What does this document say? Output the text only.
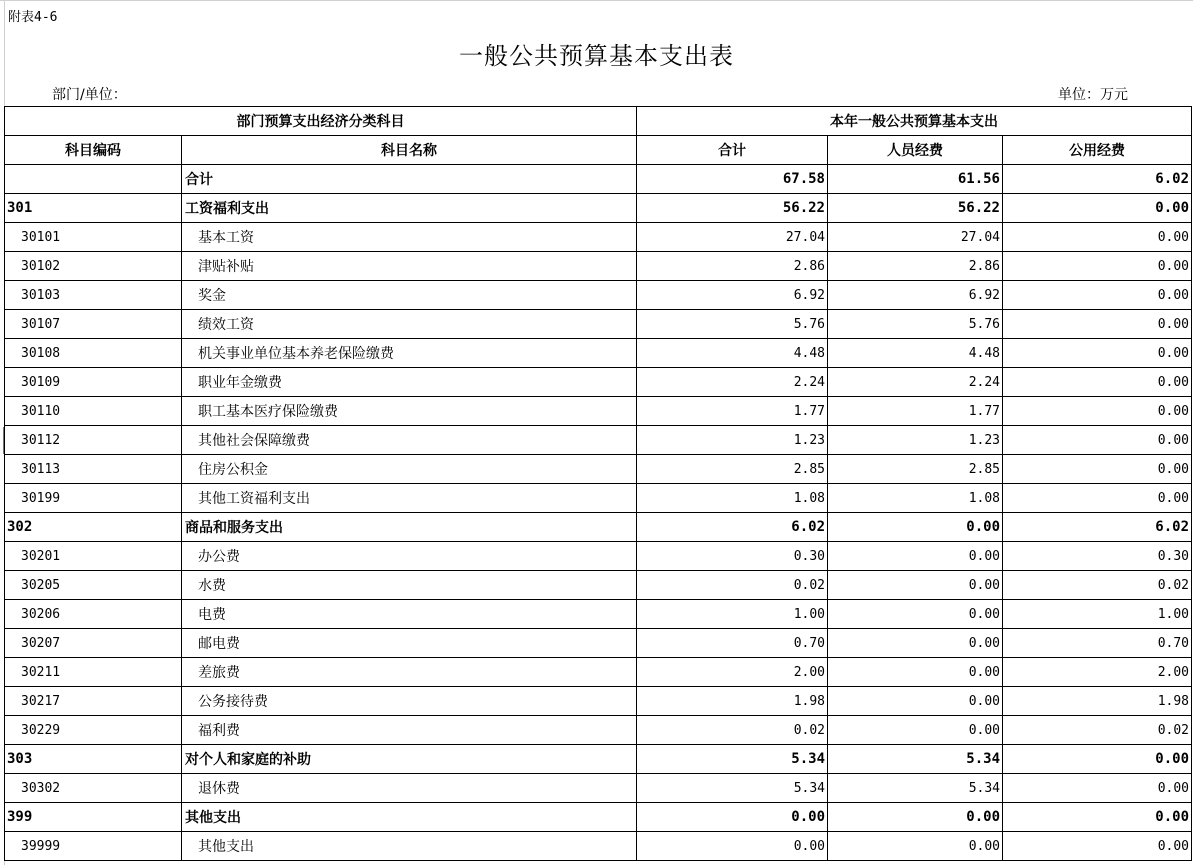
附表4-6
一般公共预算基本支出表
部门/单位：	单位：万元
部门预算支出经济分类科目		本年一般公共预算基本支出		
科目编码	科目名称	合计	人员经费	公用经费
	合计	67.58	61.56	6.02
301	工资福利支出	56.22	56.22	0.00
30101	基本工资	27.04	27.04	0.00
30102	津贴补贴	2.86	2.86	0.00
30103	奖金	6.92	6.92	0.00
30107	绩效工资	5.76	5.76	0.00
30108	机关事业单位基本养老保险缴费	4.48	4.48	0.00
30109	职业年金缴费	2.24	2.24	0.00
30110	职工基本医疗保险缴费	1.77	1.77	0.00
30112	其他社会保障缴费	1.23	1.23	0.00
30113	住房公积金	2.85	2.85	0.00
30199	其他工资福利支出	1.08	1.08	0.00
302	商品和服务支出	6.02	0.00	6.02
30201	办公费	0.30	0.00	0.30
30205	水费	0.02	0.00	0.02
30206	电费	1.00	0.00	1.00
30207	邮电费	0.70	0.00	0.70
30211	差旅费	2.00	0.00	2.00
30217	公务接待费	1.98	0.00	1.98
30229	福利费	0.02	0.00	0.02
303	对个人和家庭的补助	5.34	5.34	0.00
30302	退休费	5.34	5.34	0.00
399	其他支出	0.00	0.00	0.00
39999	其他支出	0.00	0.00	0.00
